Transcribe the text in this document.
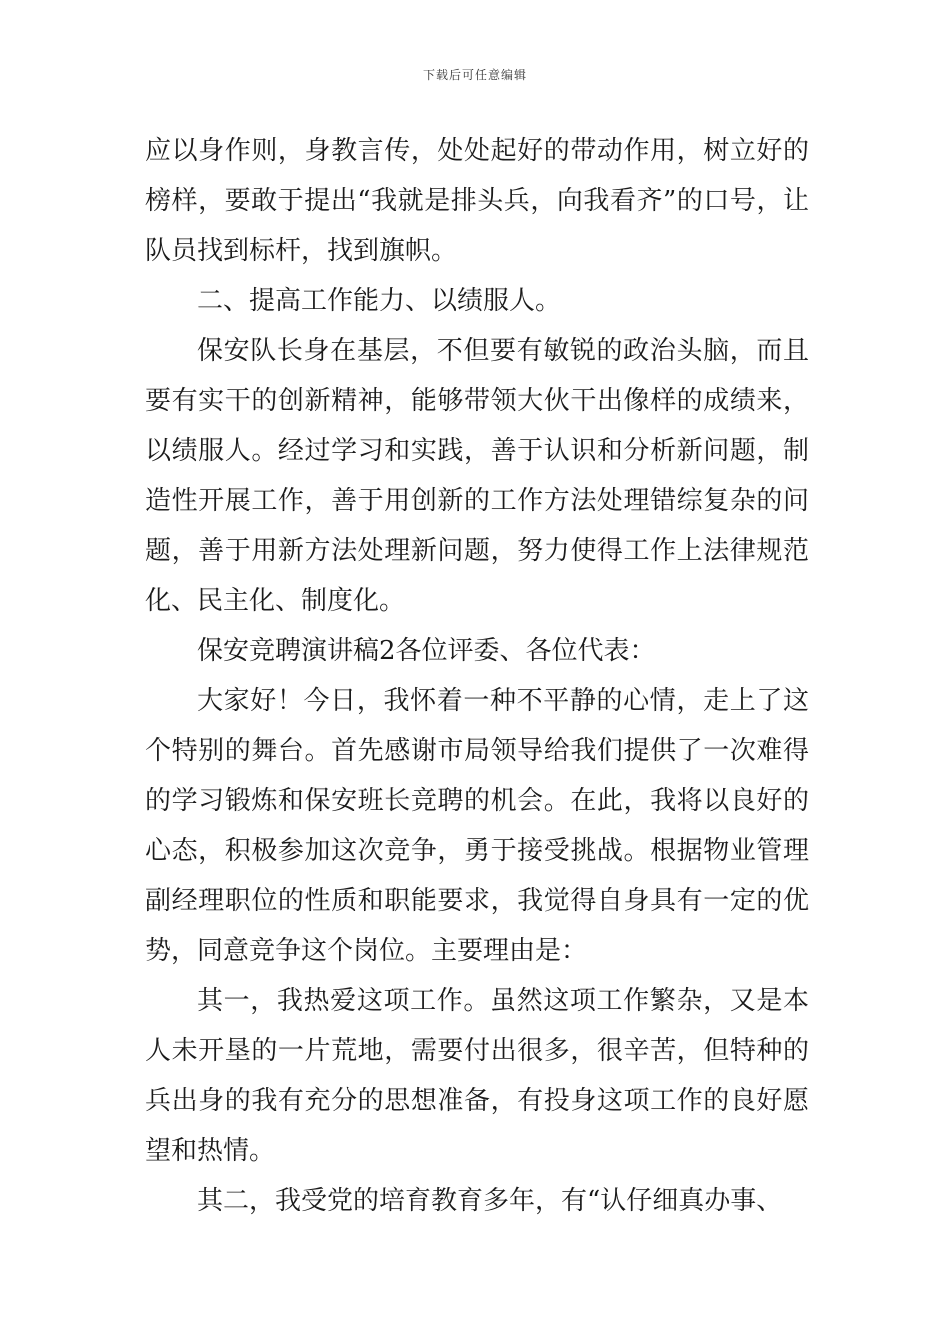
下载后可任意编辑

应以身作则，身教言传，处处起好的带动作用，树立好的榜样，要敢于提出“我就是排头兵，向我看齐”的口号，让队员找到标杆，找到旗帜。

二、提高工作能力、以绩服人。

保安队长身在基层，不但要有敏锐的政治头脑，而且要有实干的创新精神，能够带领大伙干出像样的成绩来，以绩服人。经过学习和实践，善于认识和分析新问题，制造性开展工作，善于用创新的工作方法处理错综复杂的问题，善于用新方法处理新问题，努力使得工作上法律规范化、民主化、制度化。

保安竞聘演讲稿2各位评委、各位代表：

大家好！今日，我怀着一种不平静的心情，走上了这个特别的舞台。首先感谢市局领导给我们提供了一次难得的学习锻炼和保安班长竞聘的机会。在此，我将以良好的心态，积极参加这次竞争，勇于接受挑战。根据物业管理副经理职位的性质和职能要求，我觉得自身具有一定的优势，同意竞争这个岗位。主要理由是：

其一，我热爱这项工作。虽然这项工作繁杂，又是本人未开垦的一片荒地，需要付出很多，很辛苦，但特种的兵出身的我有充分的思想准备，有投身这项工作的良好愿望和热情。

其二，我受党的培育教育多年，有“认仔细真办事、
